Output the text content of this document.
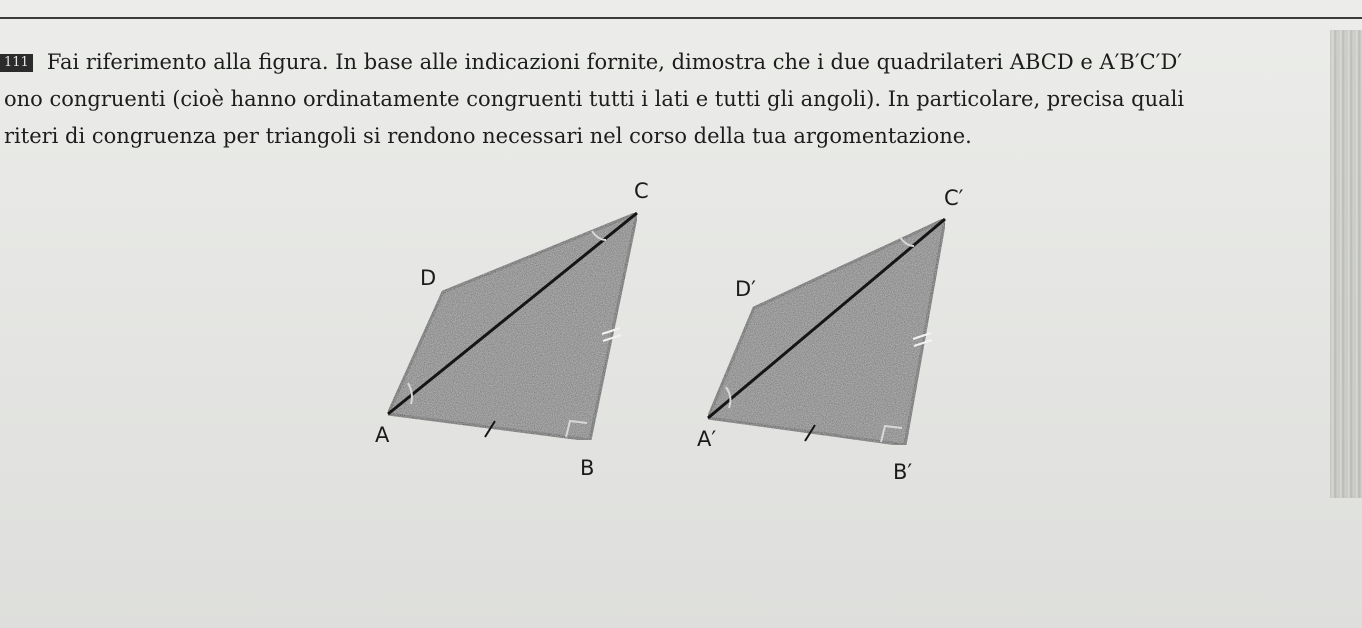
111 Fai riferimento alla figura. In base alle indicazioni fornite, dimostra che i due quadrilateri ABCD e A′B′C′D′
ono congruenti (cioè hanno ordinatamente congruenti tutti i lati e tutti gli angoli). In particolare, precisa quali
riteri di congruenza per triangoli si rendono necessari nel corso della tua argomentazione.
C
D
A
B
C′
D′
A′
B′
